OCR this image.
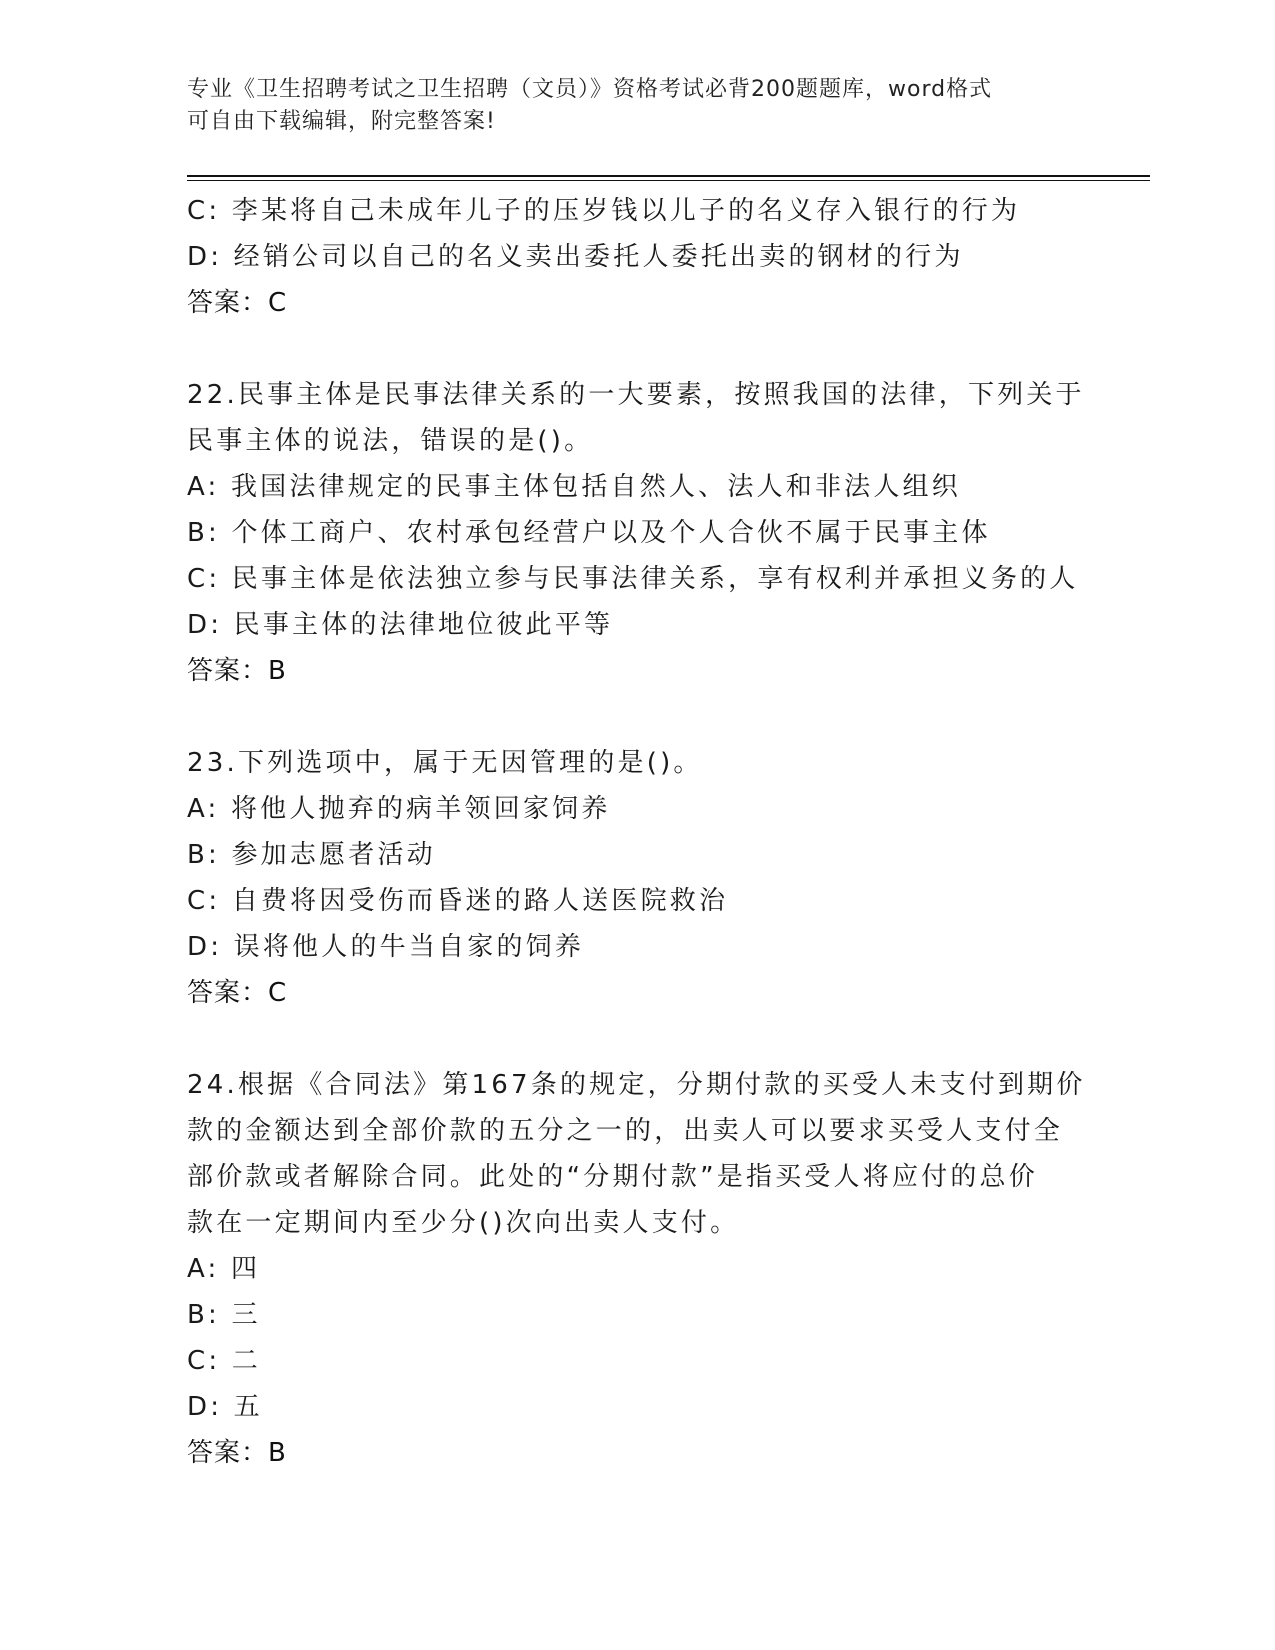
专业《卫生招聘考试之卫生招聘（文员）》资格考试必背200题题库，word格式
可自由下载编辑，附完整答案!
C: 李某将自己未成年儿子的压岁钱以儿子的名义存入银行的行为
D: 经销公司以自己的名义卖出委托人委托出卖的钢材的行为
答案：C
22.民事主体是民事法律关系的一大要素，按照我国的法律，下列关于
民事主体的说法，错误的是()。
A: 我国法律规定的民事主体包括自然人、法人和非法人组织
B: 个体工商户、农村承包经营户以及个人合伙不属于民事主体
C: 民事主体是依法独立参与民事法律关系，享有权利并承担义务的人
D: 民事主体的法律地位彼此平等
答案：B
23.下列选项中，属于无因管理的是()。
A: 将他人抛弃的病羊领回家饲养
B: 参加志愿者活动
C: 自费将因受伤而昏迷的路人送医院救治
D: 误将他人的牛当自家的饲养
答案：C
24.根据《合同法》第167条的规定，分期付款的买受人未支付到期价
款的金额达到全部价款的五分之一的，出卖人可以要求买受人支付全
部价款或者解除合同。此处的“分期付款”是指买受人将应付的总价
款在一定期间内至少分()次向出卖人支付。
A: 四
B: 三
C: 二
D: 五
答案：B
